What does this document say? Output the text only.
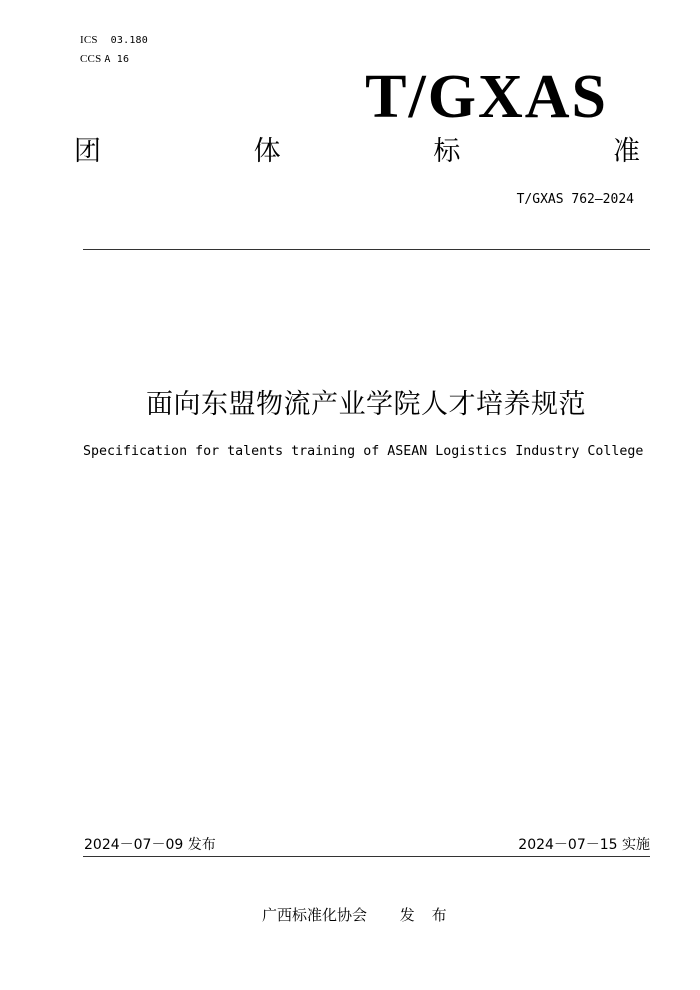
ICS 03.180
CCS A 16
T/GXAS
团	体	标	准
T/GXAS 762—2024
面向东盟物流产业学院人才培养规范
Specification for talents training of ASEAN Logistics Industry College
2024－07－09 发布	2024－07－15 实施
广西标准化协会 发 布
